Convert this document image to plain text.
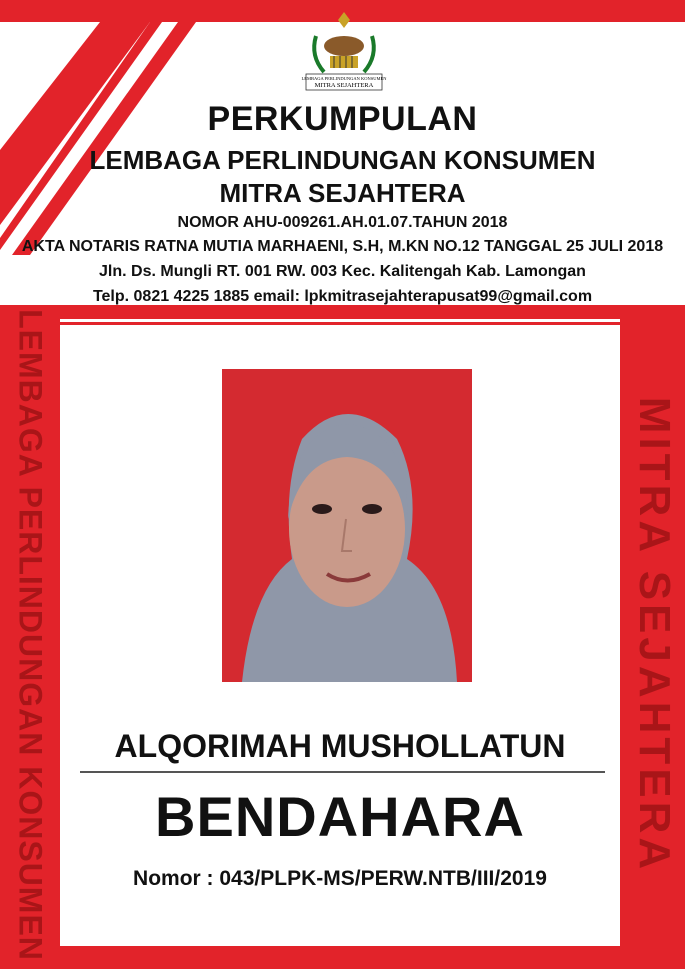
LEMBAGA PERLINDUNGAN KONSUMEN
MITRA SEJAHTERA
PERKUMPULAN
LEMBAGA PERLINDUNGAN KONSUMEN
MITRA SEJAHTERA
NOMOR AHU-009261.AH.01.07.TAHUN 2018
AKTA NOTARIS RATNA MUTIA MARHAENI, S.H, M.KN NO.12 TANGGAL 25 JULI 2018
Jln. Ds. Mungli RT. 001 RW. 003 Kec. Kalitengah Kab. Lamongan
Telp. 0821 4225 1885 email: lpkmitrasejahterapusat99@gmail.com
LEMBAGA PERLINDUNGAN KONSUMEN	MITRA SEJAHTERA
ALQORIMAH MUSHOLLATUN
BENDAHARA
Nomor : 043/PLPK-MS/PERW.NTB/III/2019
